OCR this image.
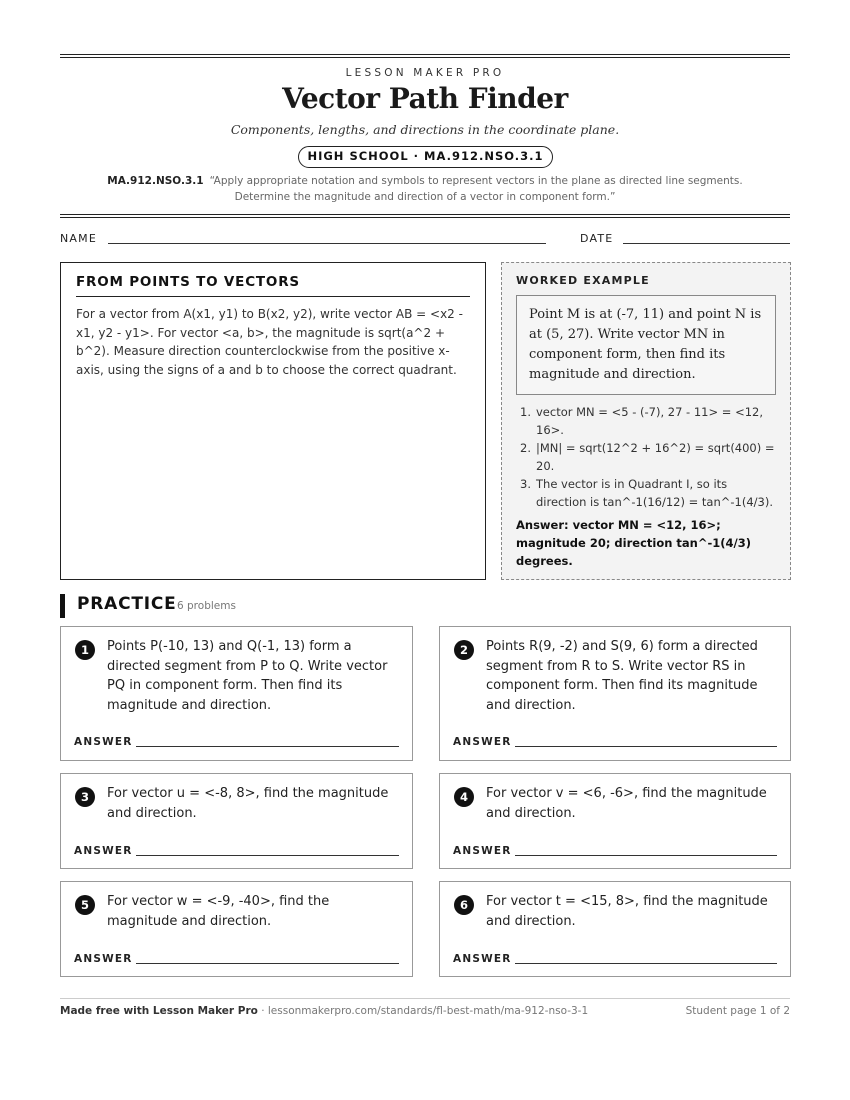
LESSON MAKER PRO
Vector Path Finder
Components, lengths, and directions in the coordinate plane.
HIGH SCHOOL · MA.912.NSO.3.1
MA.912.NSO.3.1 “Apply appropriate notation and symbols to represent vectors in the plane as directed line segments. Determine the magnitude and direction of a vector in component form.”
NAME	DATE
FROM POINTS TO VECTORS
For a vector from A(x1, y1) to B(x2, y2), write vector AB = <x2 - x1, y2 - y1>. For vector <a, b>, the magnitude is sqrt(a^2 + b^2). Measure direction counterclockwise from the positive x-axis, using the signs of a and b to choose the correct quadrant.
WORKED EXAMPLE
Point M is at (-7, 11) and point N is at (5, 27). Write vector MN in component form, then find its magnitude and direction.
1. vector MN = <5 - (-7), 27 - 11> = <12, 16>.
2. |MN| = sqrt(12^2 + 16^2) = sqrt(400) = 20.
3. The vector is in Quadrant I, so its direction is tan^-1(16/12) = tan^-1(4/3).
Answer: vector MN = <12, 16>; magnitude 20; direction tan^-1(4/3) degrees.
PRACTICE 6 problems
1	Points P(-10, 13) and Q(-1, 13) form a directed segment from P to Q. Write vector PQ in component form. Then find its magnitude and direction.
ANSWER
2	Points R(9, -2) and S(9, 6) form a directed segment from R to S. Write vector RS in component form. Then find its magnitude and direction.
ANSWER
3	For vector u = <-8, 8>, find the magnitude and direction.
ANSWER
4	For vector v = <6, -6>, find the magnitude and direction.
ANSWER
5	For vector w = <-9, -40>, find the magnitude and direction.
ANSWER
6	For vector t = <15, 8>, find the magnitude and direction.
ANSWER
Made free with Lesson Maker Pro · lessonmakerpro.com/standards/fl-best-math/ma-912-nso-3-1	Student page 1 of 2
